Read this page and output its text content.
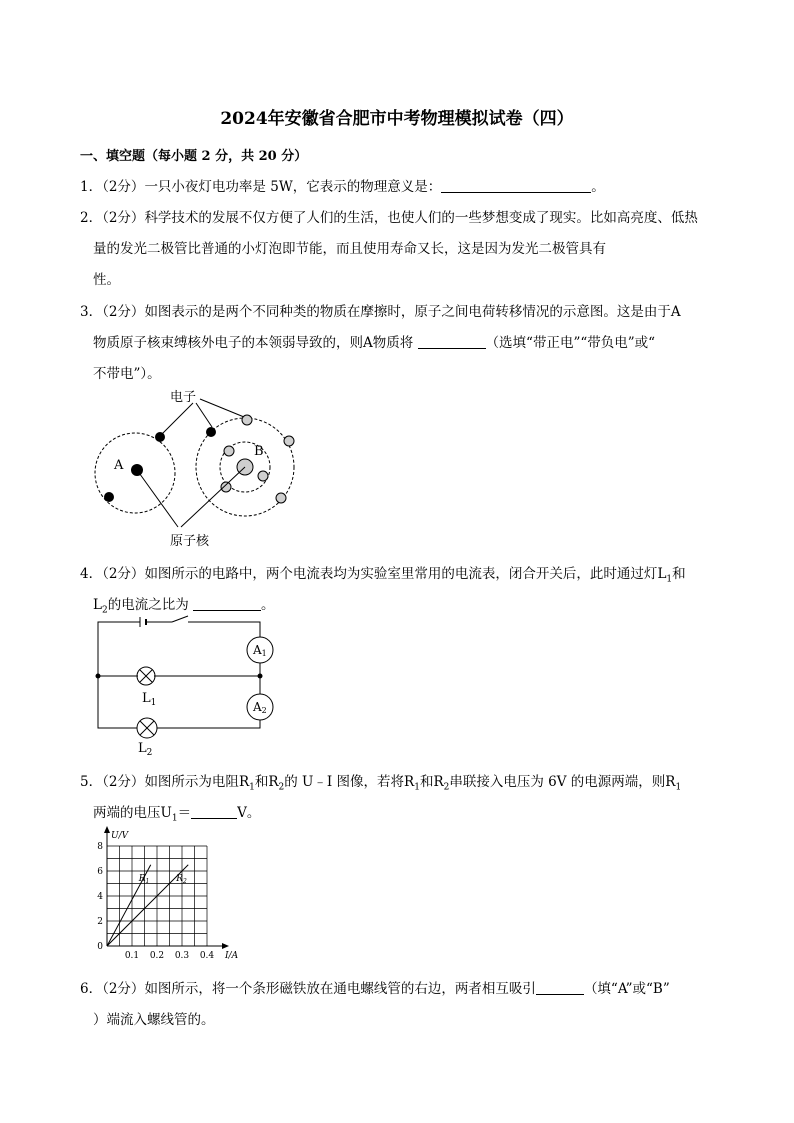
2024年安徽省合肥市中考物理模拟试卷（四）
一、填空题（每小题 2 分，共 20 分）
1．（2分）一只小夜灯电功率是 5W，它表示的物理意义是：	。
2．（2分）科学技术的发展不仅方便了人们的生活，也使人们的一些梦想变成了现实。比如高亮度、低热
量的发光二极管比普通的小灯泡即节能，而且使用寿命又长，这是因为发光二极管具有
性。
3．（2分）如图表示的是两个不同种类的物质在摩擦时，原子之间电荷转移情况的示意图。这是由于A
物质原子核束缚核外电子的本领弱导致的，则A物质将	（选填“带正电”“带负电”或“
不带电”）。
电子
A
B
原子核
4．（2分）如图所示的电路中，两个电流表均为实验室里常用的电流表，闭合开关后，此时通过灯$L_1$和
$L_2$的电流之比为	。
A1
A2
$L_1$
$L_2$
5．（2分）如图所示为电阻$R_1$和$R_2$的 U﹣I 图像，若将$R_1$和$R_2$串联接入电压为 6V 的电源两端，则$R_1$
两端的电压$U_1=$	V。
0
2
4
6
8
0.1 0.2 0.3 0.4
U/V
I/A
$R_1$	$R_2$
6．（2分）如图所示，将一个条形磁铁放在通电螺线管的右边，两者相互吸引	（填“A”或“B”
）端流入螺线管的。
